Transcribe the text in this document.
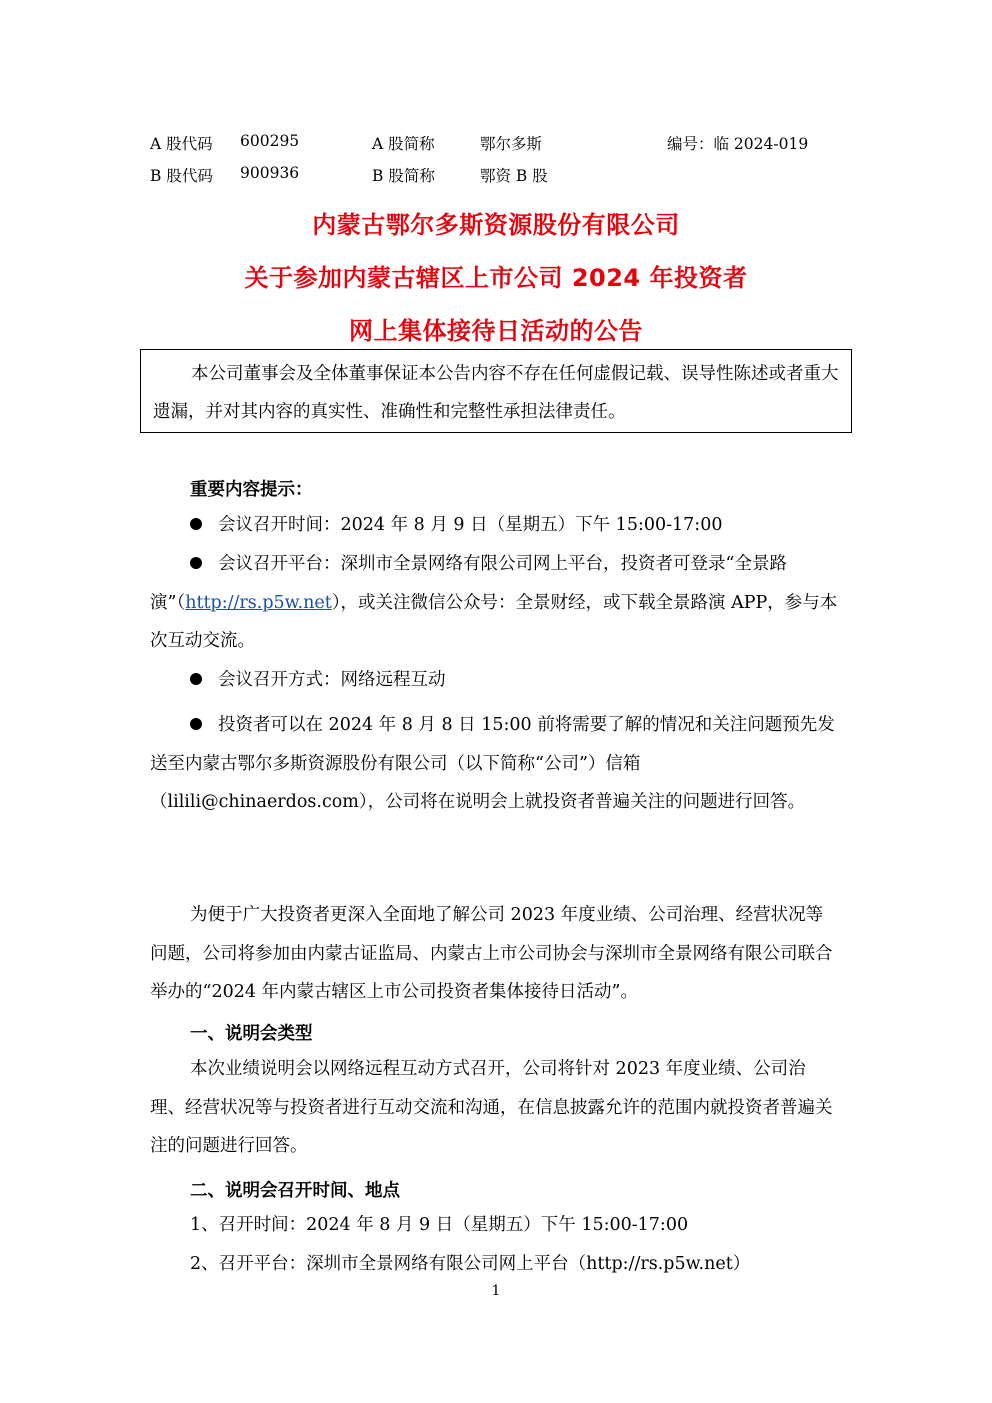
A 股代码 600295	A 股简称	鄂尔多斯	编号：临 2024-019
B 股代码 900936	B 股简称	鄂资 B 股
内蒙古鄂尔多斯资源股份有限公司
关于参加内蒙古辖区上市公司 2024 年投资者
网上集体接待日活动的公告

本公司董事会及全体董事保证本公告内容不存在任何虚假记载、误导性陈述或者重大遗漏，并对其内容的真实性、准确性和完整性承担法律责任。

重要内容提示：

会议召开时间：2024 年 8 月 9 日（星期五）下午 15:00-17:00

会议召开平台：深圳市全景网络有限公司网上平台，投资者可登录“全景路演”（http://rs.p5w.net），或关注微信公众号：全景财经，或下载全景路演 APP，参与本次互动交流。

会议召开方式：网络远程互动

投资者可以在 2024 年 8 月 8 日 15:00 前将需要了解的情况和关注问题预先发送至内蒙古鄂尔多斯资源股份有限公司（以下简称“公司”）信箱（lilili@chinaerdos.com），公司将在说明会上就投资者普遍关注的问题进行回答。

为便于广大投资者更深入全面地了解公司 2023 年度业绩、公司治理、经营状况等问题，公司将参加由内蒙古证监局、内蒙古上市公司协会与深圳市全景网络有限公司联合举办的“2024 年内蒙古辖区上市公司投资者集体接待日活动”。

一、说明会类型

本次业绩说明会以网络远程互动方式召开，公司将针对 2023 年度业绩、公司治理、经营状况等与投资者进行互动交流和沟通，在信息披露允许的范围内就投资者普遍关注的问题进行回答。

二、说明会召开时间、地点

1、召开时间：2024 年 8 月 9 日（星期五）下午 15:00-17:00

2、召开平台：深圳市全景网络有限公司网上平台（http://rs.p5w.net）

1
